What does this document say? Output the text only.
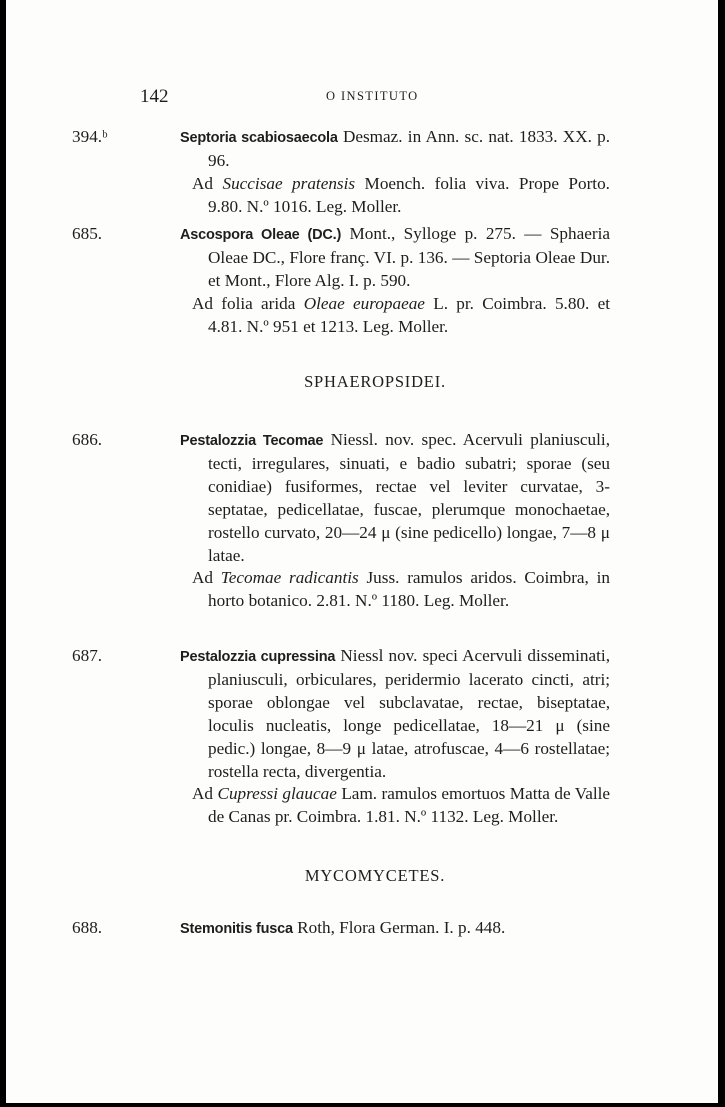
142	O INSTITUTO
394.ᵇ	Septoria scabiosaecola Desmaz. in Ann. sc. nat. 1833. XX. p. 96.
Ad Succisae pratensis Moench. folia viva. Prope Porto. 9.80. N.º 1016. Leg. Moller.
685.	Ascospora Oleae (DC.) Mont., Sylloge p. 275. — Sphaeria Oleae DC., Flore franç. VI. p. 136. — Septoria Oleae Dur. et Mont., Flore Alg. I. p. 590.
Ad folia arida Oleae europaeae L. pr. Coimbra. 5.80. et 4.81. N.º 951 et 1213. Leg. Moller.
SPHAEROPSIDEI.
686.	Pestalozzia Tecomae Niessl. nov. spec. Acervuli planiusculi, tecti, irregulares, sinuati, e badio subatri; sporae (seu conidiae) fusiformes, rectae vel leviter curvatae, 3-septatae, pedicellatae, fuscae, plerumque monochaetae, rostello curvato, 20—24 μ (sine pedicello) longae, 7—8 μ latae.
Ad Tecomae radicantis Juss. ramulos aridos. Coimbra, in horto botanico. 2.81. N.º 1180. Leg. Moller.
687.	Pestalozzia cupressina Niessl nov. speci Acervuli disseminati, planiusculi, orbiculares, peridermio lacerato cincti, atri; sporae oblongae vel subclavatae, rectae, biseptatae, loculis nucleatis, longe pedicellatae, 18—21 μ (sine pedic.) longae, 8—9 μ latae, atrofuscae, 4—6 rostellatae; rostella recta, divergentia.
Ad Cupressi glaucae Lam. ramulos emortuos Matta de Valle de Canas pr. Coimbra. 1.81. N.º 1132. Leg. Moller.
MYCOMYCETES.
688.	Stemonitis fusca Roth, Flora German. I. p. 448.
